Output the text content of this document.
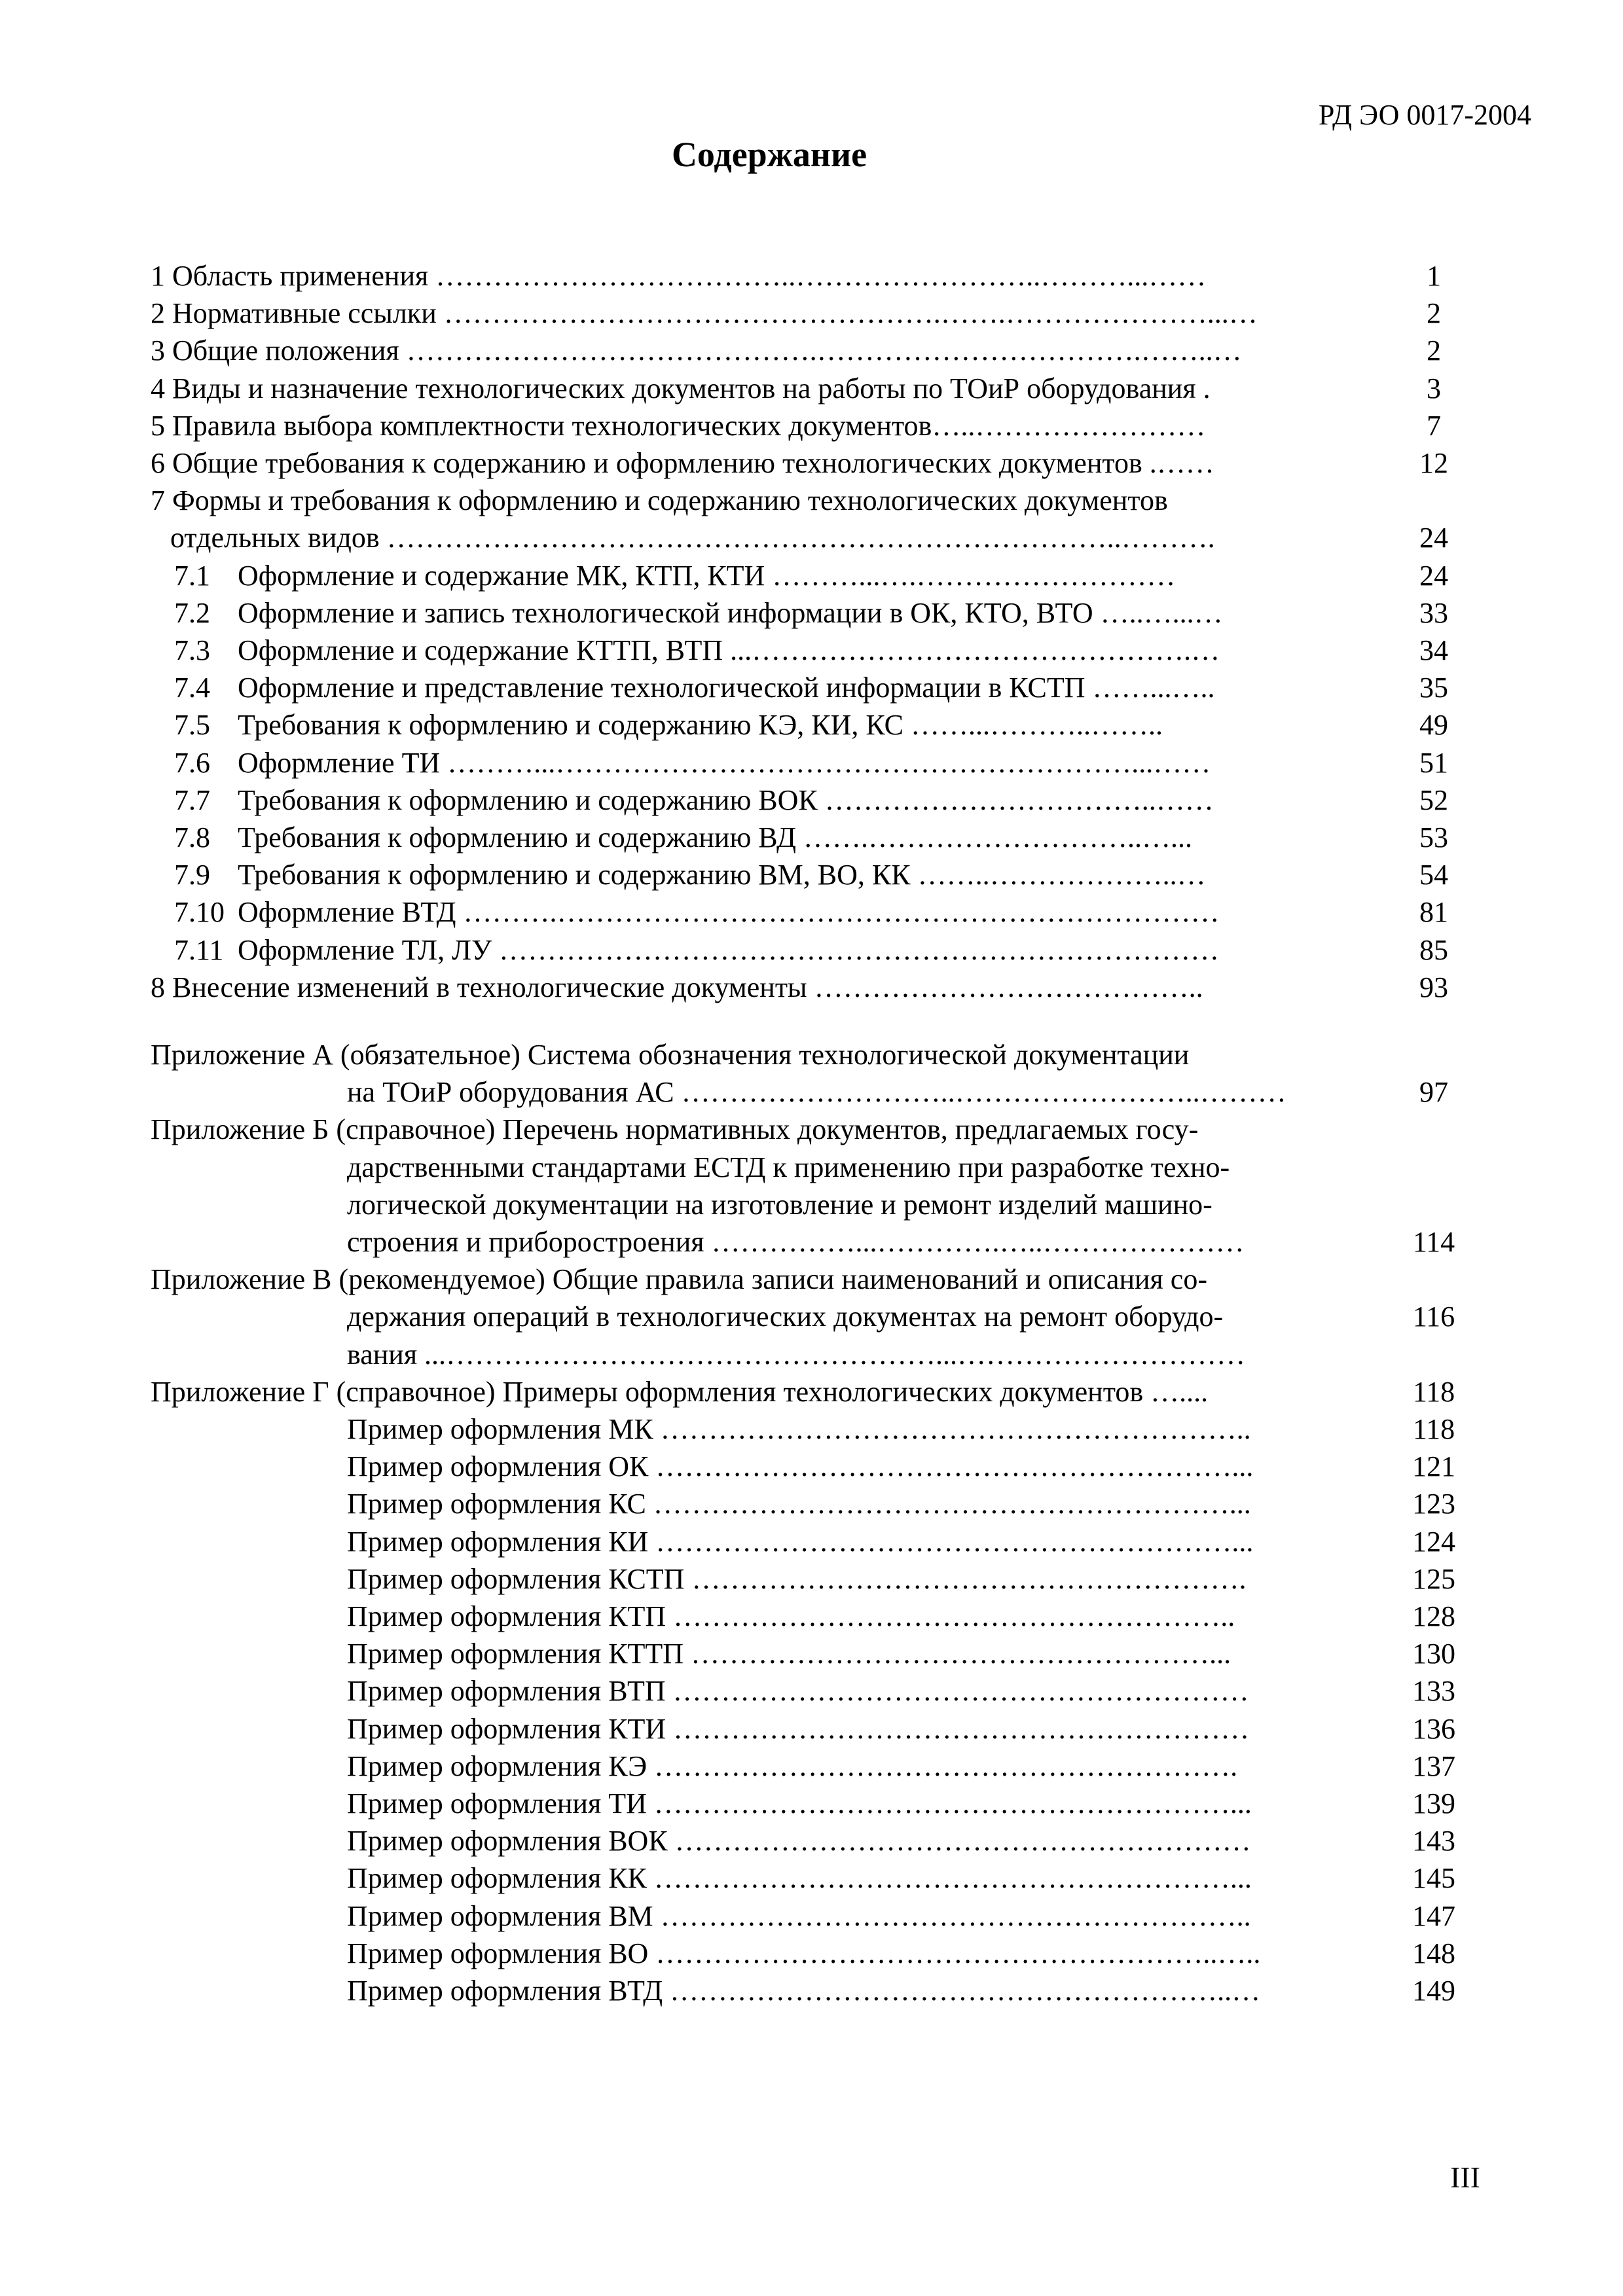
РД ЭО 0017-2004
Содержание
1 Область применения ………………………………..……………………..………...……	1
2 Нормативные ссылки …………………………………………….…….…………………...…	2
3 Общие положения …………………………………….…………………………….……..…	2
4 Виды и назначение технологических документов на работы по ТОиР оборудования .	3
5 Правила выбора комплектности технологических документов…..……………………	7
6 Общие требования к содержанию и оформлению технологических документов .……	12
7 Формы и требования к оформлению и содержанию технологических документов
отдельных видов …………………………………………………………………..……….	24
7.1 Оформление и содержание МК, КТП, КТИ ………...….………………………	24
7.2 Оформление и запись технологической информации в ОК, КТО, ВТО …..…...…	33
7.3 Оформление и содержание КТТП, ВТП ...……………………………………….…	34
7.4 Оформление и представление технологической информации в КСТП ……...…..	35
7.5 Требования к оформлению и содержанию КЭ, КИ, КС ……...………..……..	49
7.6 Оформление ТИ ………...……………………………………………………...……	51
7.7 Требования к оформлению и содержанию ВОК ……………………………..……	52
7.8 Требования к оформлению и содержанию ВД …….………………………..…...	53
7.9 Требования к оформлению и содержанию ВМ, ВО, КК ……..………………..…	54
7.10 Оформление ВТД ……….……………………………………………………………	81
7.11 Оформление ТЛ, ЛУ …………………………………………………………………	85
8 Внесение изменений в технологические документы …………………………………..	93
Приложение А (обязательное) Система обозначения технологической документации
на ТОиР оборудования АС ………………………..……………………..………	97
Приложение Б (справочное) Перечень нормативных документов, предлагаемых госу-
дарственными стандартами ЕСТД к применению при разработке техно-
логической документации на изготовление и ремонт изделий машино-
строения и приборостроения ……………...………….…..…………………	114
Приложение В (рекомендуемое) Общие правила записи наименований и описания со-
держания операций в технологических документах на ремонт оборудо-	116
вания ...……………………………………………...…………………………
Приложение Г (справочное) Примеры оформления технологических документов …....	118
Пример оформления МК ……………………………………………………..	118
Пример оформления ОК ……………………………………………………...	121
Пример оформления КС ……………………………………………………...	123
Пример оформления КИ ……………………………………………………...	124
Пример оформления КСТП ………………………………………………….	125
Пример оформления КТП …………………………………………………..	128
Пример оформления КТТП ………………………………………………...	130
Пример оформления ВТП ……………………………………………………	133
Пример оформления КТИ ……………………………………………………	136
Пример оформления КЭ …………………………………………………….	137
Пример оформления ТИ ……………………………………………………...	139
Пример оформления ВОК ……………………………………………………	143
Пример оформления КК ……………………………………………………...	145
Пример оформления ВМ ……………………………………………………..	147
Пример оформления ВО …………………………………………………..…..	148
Пример оформления ВТД …………………………………………………..…	149
III
